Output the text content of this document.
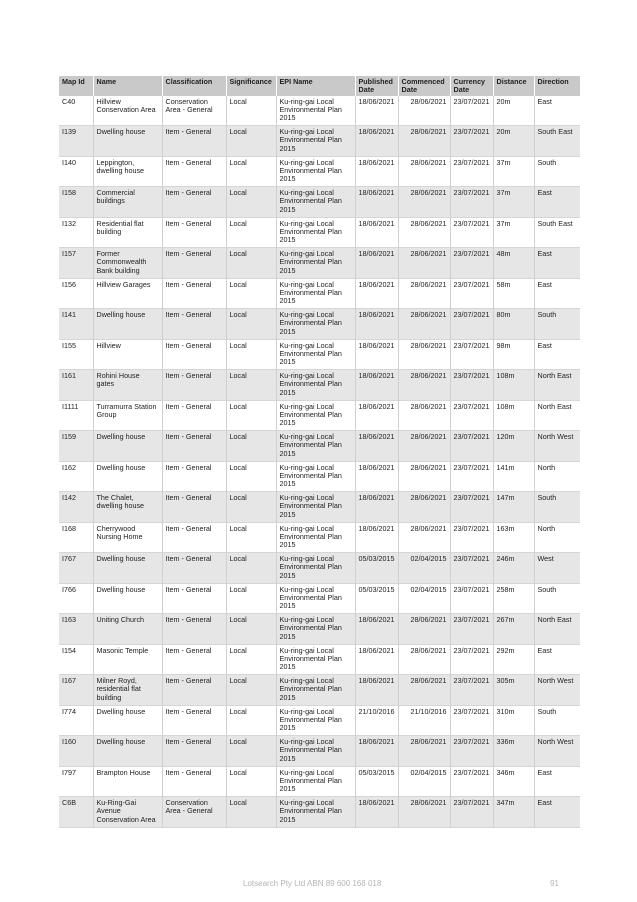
Map Id	Name	Classification	Significance	EPI Name	Published Date	Commenced Date	Currency Date	Distance	Direction
C40	Hillview Conservation Area	Conservation Area - General	Local	Ku-ring-gai Local Environmental Plan 2015	18/06/2021	28/06/2021	23/07/2021	20m	East
I139	Dwelling house	Item - General	Local	Ku-ring-gai Local Environmental Plan 2015	18/06/2021	28/06/2021	23/07/2021	20m	South East
I140	Leppington, dwelling house	Item - General	Local	Ku-ring-gai Local Environmental Plan 2015	18/06/2021	28/06/2021	23/07/2021	37m	South
I158	Commercial buildings	Item - General	Local	Ku-ring-gai Local Environmental Plan 2015	18/06/2021	28/06/2021	23/07/2021	37m	East
I132	Residential flat building	Item - General	Local	Ku-ring-gai Local Environmental Plan 2015	18/06/2021	28/06/2021	23/07/2021	37m	South East
I157	Former Commonwealth Bank building	Item - General	Local	Ku-ring-gai Local Environmental Plan 2015	18/06/2021	28/06/2021	23/07/2021	48m	East
I156	Hillview Garages	Item - General	Local	Ku-ring-gai Local Environmental Plan 2015	18/06/2021	28/06/2021	23/07/2021	58m	East
I141	Dwelling house	Item - General	Local	Ku-ring-gai Local Environmental Plan 2015	18/06/2021	28/06/2021	23/07/2021	80m	South
I155	Hillview	Item - General	Local	Ku-ring-gai Local Environmental Plan 2015	18/06/2021	28/06/2021	23/07/2021	98m	East
I161	Rohini House gates	Item - General	Local	Ku-ring-gai Local Environmental Plan 2015	18/06/2021	28/06/2021	23/07/2021	108m	North East
I1111	Turramurra Station Group	Item - General	Local	Ku-ring-gai Local Environmental Plan 2015	18/06/2021	28/06/2021	23/07/2021	108m	North East
I159	Dwelling house	Item - General	Local	Ku-ring-gai Local Environmental Plan 2015	18/06/2021	28/06/2021	23/07/2021	120m	North West
I162	Dwelling house	Item - General	Local	Ku-ring-gai Local Environmental Plan 2015	18/06/2021	28/06/2021	23/07/2021	141m	North
I142	The Chalet, dwelling house	Item - General	Local	Ku-ring-gai Local Environmental Plan 2015	18/06/2021	28/06/2021	23/07/2021	147m	South
I168	Cherrywood Nursing Home	Item - General	Local	Ku-ring-gai Local Environmental Plan 2015	18/06/2021	28/06/2021	23/07/2021	163m	North
I767	Dwelling house	Item - General	Local	Ku-ring-gai Local Environmental Plan 2015	05/03/2015	02/04/2015	23/07/2021	246m	West
I766	Dwelling house	Item - General	Local	Ku-ring-gai Local Environmental Plan 2015	05/03/2015	02/04/2015	23/07/2021	258m	South
I163	Uniting Church	Item - General	Local	Ku-ring-gai Local Environmental Plan 2015	18/06/2021	28/06/2021	23/07/2021	267m	North East
I154	Masonic Temple	Item - General	Local	Ku-ring-gai Local Environmental Plan 2015	18/06/2021	28/06/2021	23/07/2021	292m	East
I167	Milner Royd, residential flat building	Item - General	Local	Ku-ring-gai Local Environmental Plan 2015	18/06/2021	28/06/2021	23/07/2021	305m	North West
I774	Dwelling house	Item - General	Local	Ku-ring-gai Local Environmental Plan 2015	21/10/2016	21/10/2016	23/07/2021	310m	South
I160	Dwelling house	Item - General	Local	Ku-ring-gai Local Environmental Plan 2015	18/06/2021	28/06/2021	23/07/2021	336m	North West
I797	Brampton House	Item - General	Local	Ku-ring-gai Local Environmental Plan 2015	05/03/2015	02/04/2015	23/07/2021	346m	East
C6B	Ku-Ring-Gai Avenue Conservation Area	Conservation Area - General	Local	Ku-ring-gai Local Environmental Plan 2015	18/06/2021	28/06/2021	23/07/2021	347m	East
Lotsearch Pty Ltd ABN 89 600 168 018	91
